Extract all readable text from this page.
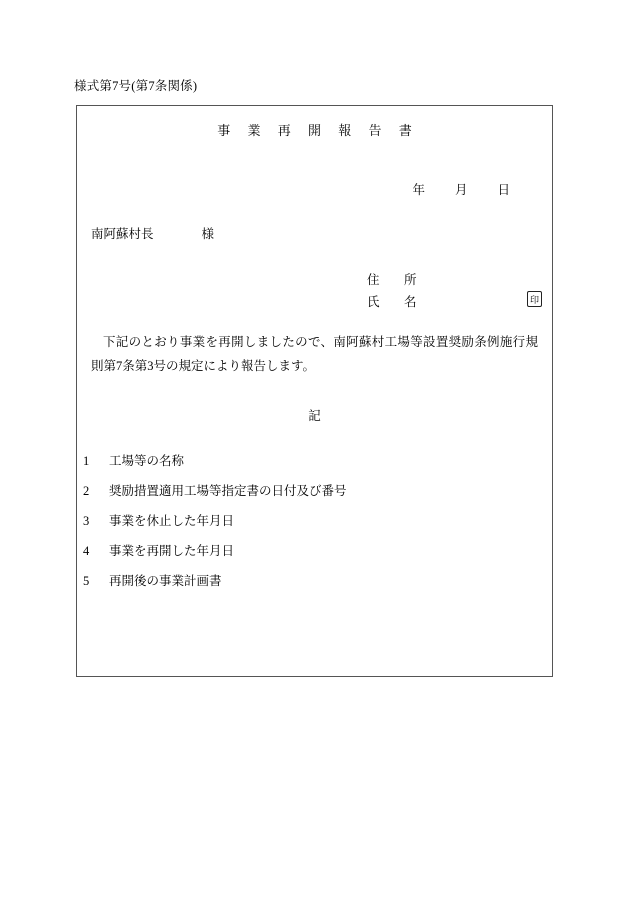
様式第7号(第7条関係)
事 業 再 開 報 告 書
年 月 日
南阿蘇村長	様
住　所
氏　名	印
下記のとおり事業を再開しましたので、南阿蘇村工場等設置奨励条例施行規則第7条第3号の規定により報告します。
記
1	工場等の名称
2	奨励措置適用工場等指定書の日付及び番号
3	事業を休止した年月日
4	事業を再開した年月日
5	再開後の事業計画書
